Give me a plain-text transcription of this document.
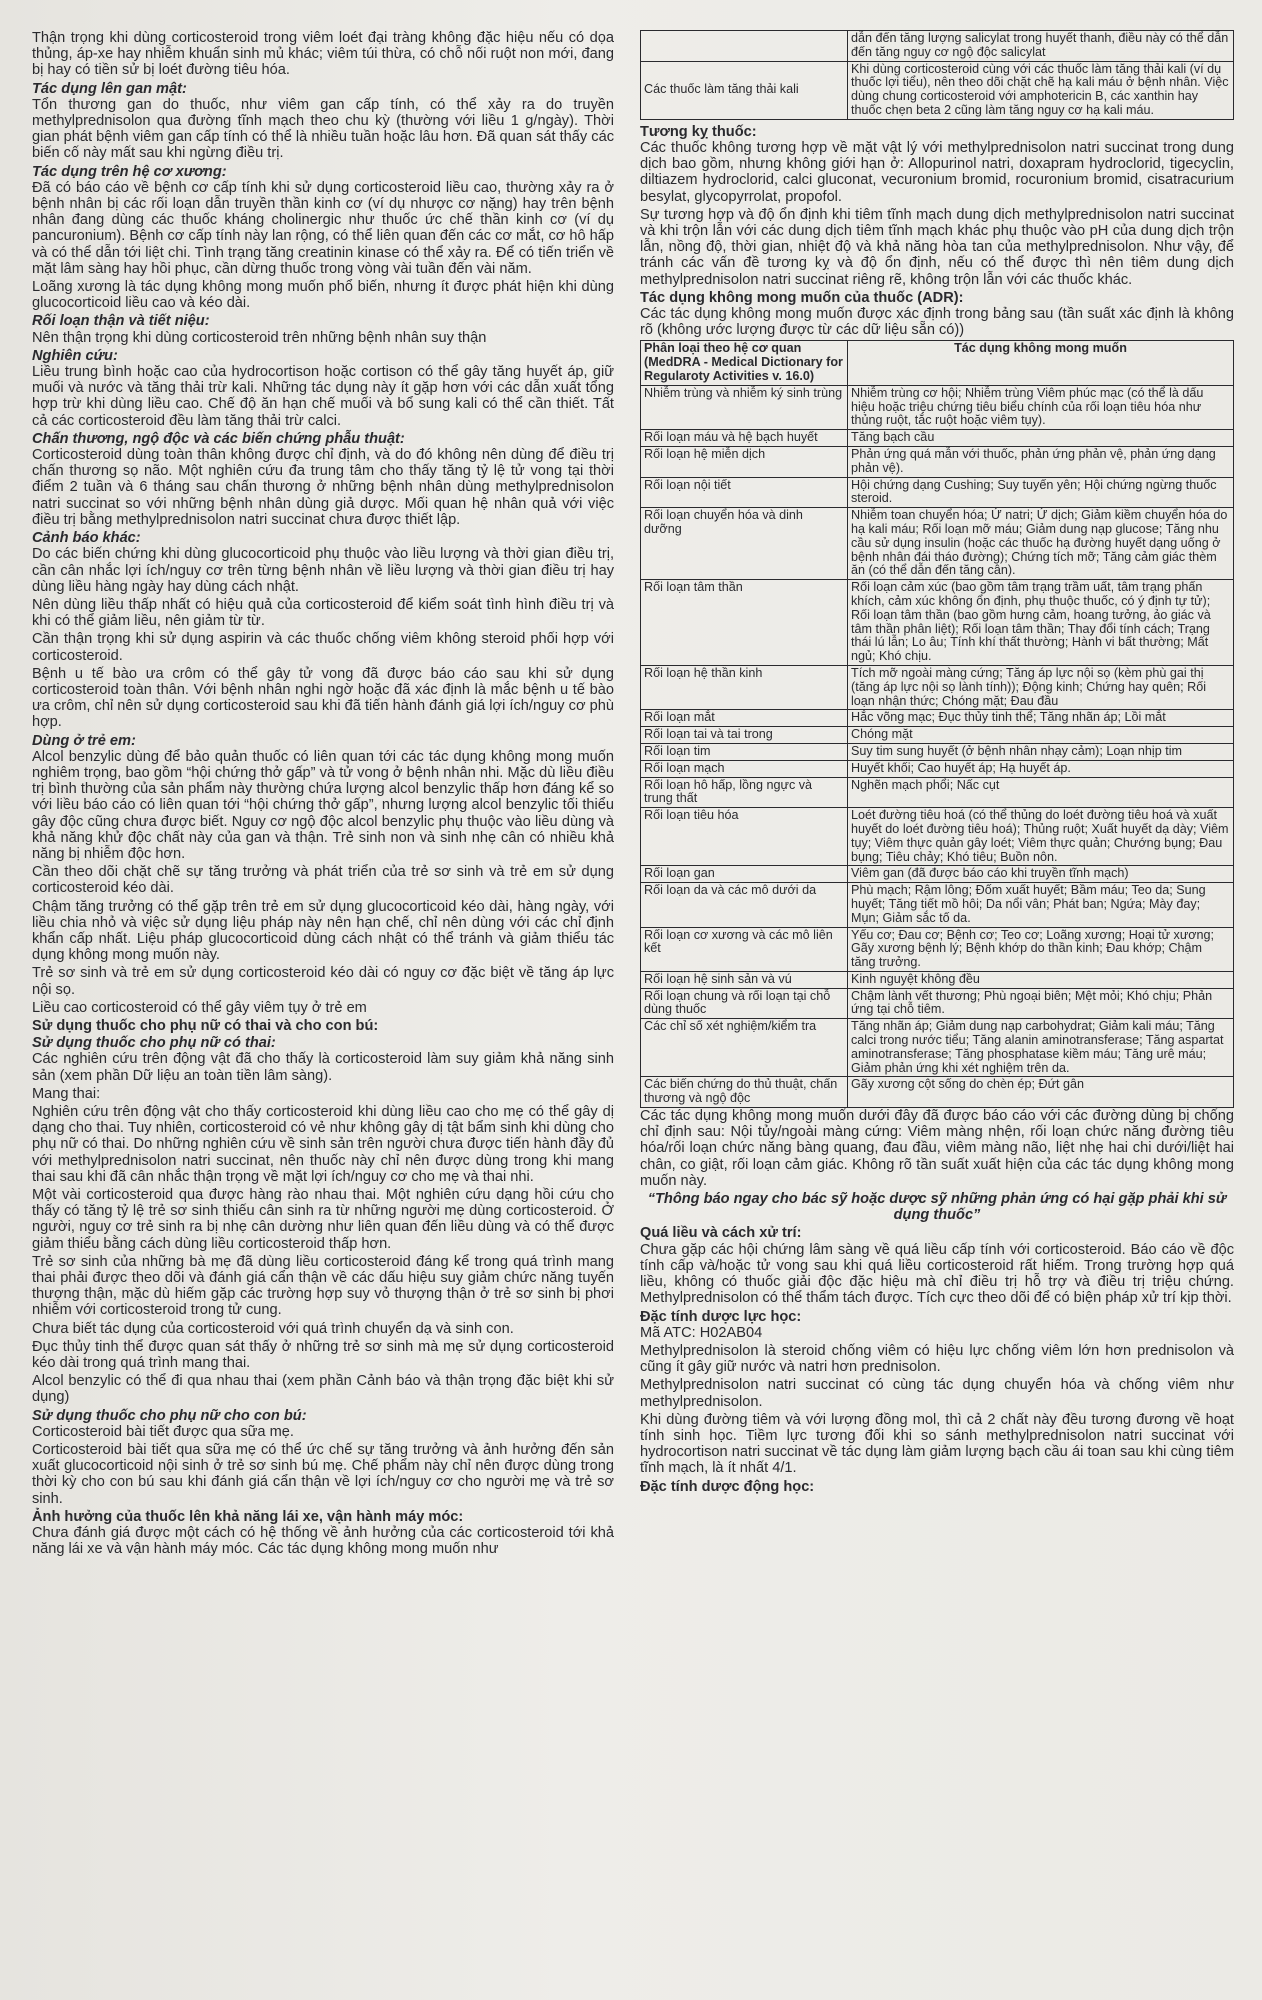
Thận trọng khi dùng corticosteroid trong viêm loét đại tràng không đặc hiệu nếu có dọa thủng, áp-xe hay nhiễm khuẩn sinh mủ khác; viêm túi thừa, có chỗ nối ruột non mới, đang bị hay có tiền sử bị loét đường tiêu hóa.

Tác dụng lên gan mật:

Tổn thương gan do thuốc, như viêm gan cấp tính, có thể xảy ra do truyền methylprednisolon qua đường tĩnh mạch theo chu kỳ (thường với liều 1 g/ngày). Thời gian phát bệnh viêm gan cấp tính có thể là nhiều tuần hoặc lâu hơn. Đã quan sát thấy các biến cố này mất sau khi ngừng điều trị.

Tác dụng trên hệ cơ xương:

Đã có báo cáo về bệnh cơ cấp tính khi sử dụng corticosteroid liều cao, thường xảy ra ở bệnh nhân bị các rối loạn dẫn truyền thần kinh cơ (ví dụ nhược cơ nặng) hay trên bệnh nhân đang dùng các thuốc kháng cholinergic như thuốc ức chế thần kinh cơ (ví dụ pancuronium). Bệnh cơ cấp tính này lan rộng, có thể liên quan đến các cơ mắt, cơ hô hấp và có thể dẫn tới liệt chi. Tình trạng tăng creatinin kinase có thể xảy ra. Để có tiến triển về mặt lâm sàng hay hồi phục, cần dừng thuốc trong vòng vài tuần đến vài năm.

Loãng xương là tác dụng không mong muốn phổ biến, nhưng ít được phát hiện khi dùng glucocorticoid liều cao và kéo dài.

Rối loạn thận và tiết niệu:

Nên thận trọng khi dùng corticosteroid trên những bệnh nhân suy thận

Nghiên cứu:

Liều trung bình hoặc cao của hydrocortison hoặc cortison có thể gây tăng huyết áp, giữ muối và nước và tăng thải trừ kali. Những tác dụng này ít gặp hơn với các dẫn xuất tổng hợp trừ khi dùng liều cao. Chế độ ăn hạn chế muối và bổ sung kali có thể cần thiết. Tất cả các corticosteroid đều làm tăng thải trừ calci.

Chấn thương, ngộ độc và các biến chứng phẫu thuật:

Corticosteroid dùng toàn thân không được chỉ định, và do đó không nên dùng để điều trị chấn thương sọ não. Một nghiên cứu đa trung tâm cho thấy tăng tỷ lệ tử vong tại thời điểm 2 tuần và 6 tháng sau chấn thương ở những bệnh nhân dùng methylprednisolon natri succinat so với những bệnh nhân dùng giả dược. Mối quan hệ nhân quả với việc điều trị bằng methylprednisolon natri succinat chưa được thiết lập.

Cảnh báo khác:

Do các biến chứng khi dùng glucocorticoid phụ thuộc vào liều lượng và thời gian điều trị, cần cân nhắc lợi ích/nguy cơ trên từng bệnh nhân về liều lượng và thời gian điều trị hay dùng liều hàng ngày hay dùng cách nhật.

Nên dùng liều thấp nhất có hiệu quả của corticosteroid để kiểm soát tình hình điều trị và khi có thể giảm liều, nên giảm từ từ.

Cần thận trọng khi sử dụng aspirin và các thuốc chống viêm không steroid phối hợp với corticosteroid.

Bệnh u tế bào ưa crôm có thể gây tử vong đã được báo cáo sau khi sử dụng corticosteroid toàn thân. Với bệnh nhân nghi ngờ hoặc đã xác định là mắc bệnh u tế bào ưa crôm, chỉ nên sử dụng corticosteroid sau khi đã tiến hành đánh giá lợi ích/nguy cơ phù hợp.

Dùng ở trẻ em:

Alcol benzylic dùng để bảo quản thuốc có liên quan tới các tác dụng không mong muốn nghiêm trọng, bao gồm “hội chứng thở gấp” và tử vong ở bệnh nhân nhi. Mặc dù liều điều trị bình thường của sản phẩm này thường chứa lượng alcol benzylic thấp hơn đáng kể so với liều báo cáo có liên quan tới “hội chứng thở gấp”, nhưng lượng alcol benzylic tối thiểu gây độc cũng chưa được biết. Nguy cơ ngộ độc alcol benzylic phụ thuộc vào liều dùng và khả năng khử độc chất này của gan và thận. Trẻ sinh non và sinh nhẹ cân có nhiều khả năng bị nhiễm độc hơn.

Cần theo dõi chặt chẽ sự tăng trưởng và phát triển của trẻ sơ sinh và trẻ em sử dụng corticosteroid kéo dài.

Chậm tăng trưởng có thể gặp trên trẻ em sử dụng glucocorticoid kéo dài, hàng ngày, với liều chia nhỏ và việc sử dụng liệu pháp này nên hạn chế, chỉ nên dùng với các chỉ định khẩn cấp nhất. Liệu pháp glucocorticoid dùng cách nhật có thể tránh và giảm thiểu tác dụng không mong muốn này.

Trẻ sơ sinh và trẻ em sử dụng corticosteroid kéo dài có nguy cơ đặc biệt về tăng áp lực nội sọ.

Liều cao corticosteroid có thể gây viêm tụy ở trẻ em

Sử dụng thuốc cho phụ nữ có thai và cho con bú:
Sử dụng thuốc cho phụ nữ có thai:

Các nghiên cứu trên động vật đã cho thấy là corticosteroid làm suy giảm khả năng sinh sản (xem phần Dữ liệu an toàn tiền lâm sàng).

Mang thai:

Nghiên cứu trên động vật cho thấy corticosteroid khi dùng liều cao cho mẹ có thể gây dị dạng cho thai. Tuy nhiên, corticosteroid có vẻ như không gây dị tật bẩm sinh khi dùng cho phụ nữ có thai. Do những nghiên cứu về sinh sản trên người chưa được tiến hành đầy đủ với methylprednisolon natri succinat, nên thuốc này chỉ nên được dùng trong khi mang thai sau khi đã cân nhắc thận trọng về mặt lợi ích/nguy cơ cho mẹ và thai nhi.

Một vài corticosteroid qua được hàng rào nhau thai. Một nghiên cứu dạng hồi cứu cho thấy có tăng tỷ lệ trẻ sơ sinh thiếu cân sinh ra từ những người mẹ dùng corticosteroid. Ở người, nguy cơ trẻ sinh ra bị nhẹ cân dường như liên quan đến liều dùng và có thể được giảm thiểu bằng cách dùng liều corticosteroid thấp hơn.

Trẻ sơ sinh của những bà mẹ đã dùng liều corticosteroid đáng kể trong quá trình mang thai phải được theo dõi và đánh giá cẩn thận về các dấu hiệu suy giảm chức năng tuyến thượng thận, mặc dù hiếm gặp các trường hợp suy vỏ thượng thận ở trẻ sơ sinh bị phơi nhiễm với corticosteroid trong tử cung.

Chưa biết tác dụng của corticosteroid với quá trình chuyển dạ và sinh con.

Đục thủy tinh thể được quan sát thấy ở những trẻ sơ sinh mà mẹ sử dụng corticosteroid kéo dài trong quá trình mang thai.

Alcol benzylic có thể đi qua nhau thai (xem phần Cảnh báo và thận trọng đặc biệt khi sử dụng)

Sử dụng thuốc cho phụ nữ cho con bú:

Corticosteroid bài tiết được qua sữa mẹ.

Corticosteroid bài tiết qua sữa mẹ có thể ức chế sự tăng trưởng và ảnh hưởng đến sản xuất glucocorticoid nội sinh ở trẻ sơ sinh bú mẹ. Chế phẩm này chỉ nên được dùng trong thời kỳ cho con bú sau khi đánh giá cẩn thận về lợi ích/nguy cơ cho người mẹ và trẻ sơ sinh.

Ảnh hưởng của thuốc lên khả năng lái xe, vận hành máy móc:

Chưa đánh giá được một cách có hệ thống về ảnh hưởng của các corticosteroid tới khả năng lái xe và vận hành máy móc. Các tác dụng không mong muốn như

	dẫn đến tăng lượng salicylat trong huyết thanh, điều này có thể dẫn đến tăng nguy cơ ngộ độc salicylat
Các thuốc làm tăng thải kali	Khi dùng corticosteroid cùng với các thuốc làm tăng thải kali (ví dụ thuốc lợi tiểu), nên theo dõi chặt chẽ hạ kali máu ở bệnh nhân. Việc dùng chung corticosteroid với amphotericin B, các xanthin hay thuốc chẹn beta 2 cũng làm tăng nguy cơ hạ kali máu.
Tương kỵ thuốc:

Các thuốc không tương hợp về mặt vật lý với methylprednisolon natri succinat trong dung dịch bao gồm, nhưng không giới hạn ở: Allopurinol natri, doxapram hydroclorid, tigecyclin, diltiazem hydroclorid, calci gluconat, vecuronium bromid, rocuronium bromid, cisatracurium besylat, glycopyrrolat, propofol.

Sự tương hợp và độ ổn định khi tiêm tĩnh mạch dung dịch methylprednisolon natri succinat và khi trộn lẫn với các dung dịch tiêm tĩnh mạch khác phụ thuộc vào pH của dung dịch trộn lẫn, nồng độ, thời gian, nhiệt độ và khả năng hòa tan của methylprednisolon. Như vậy, để tránh các vấn đề tương kỵ và độ ổn định, nếu có thể được thì nên tiêm dung dịch methylprednisolon natri succinat riêng rẽ, không trộn lẫn với các thuốc khác.

Tác dụng không mong muốn của thuốc (ADR):

Các tác dụng không mong muốn được xác định trong bảng sau (tần suất xác định là không rõ (không ước lượng được từ các dữ liệu sẵn có))

Phân loại theo hệ cơ quan (MedDRA - Medical Dictionary for Regularoty Activities v. 16.0)	Tác dụng không mong muốn
Nhiễm trùng và nhiễm ký sinh trùng	Nhiễm trùng cơ hội; Nhiễm trùng Viêm phúc mạc (có thể là dấu hiệu hoặc triệu chứng tiêu biểu chính của rối loạn tiêu hóa như thủng ruột, tắc ruột hoặc viêm tụy).
Rối loạn máu và hệ bạch huyết	Tăng bạch cầu
Rối loạn hệ miễn dịch	Phản ứng quá mẫn với thuốc, phản ứng phản vệ, phản ứng dạng phản vệ).
Rối loạn nội tiết	Hội chứng dạng Cushing; Suy tuyến yên; Hội chứng ngừng thuốc steroid.
Rối loạn chuyển hóa và dinh dưỡng	Nhiễm toan chuyển hóa; Ứ natri; Ứ dịch; Giảm kiềm chuyển hóa do hạ kali máu; Rối loạn mỡ máu; Giảm dung nạp glucose; Tăng nhu cầu sử dụng insulin (hoặc các thuốc hạ đường huyết dạng uống ở bệnh nhân đái tháo đường); Chứng tích mỡ; Tăng cảm giác thèm ăn (có thể dẫn đến tăng cân).
Rối loạn tâm thần	Rối loạn cảm xúc (bao gồm tâm trạng trầm uất, tâm trạng phấn khích, cảm xúc không ổn định, phụ thuộc thuốc, có ý định tự tử); Rối loạn tâm thần (bao gồm hưng cảm, hoang tưởng, ảo giác và tâm thần phân liệt); Rối loạn tâm thần; Thay đổi tính cách; Trạng thái lú lẫn; Lo âu; Tính khí thất thường; Hành vi bất thường; Mất ngủ; Khó chịu.
Rối loạn hệ thần kinh	Tích mỡ ngoài màng cứng; Tăng áp lực nội sọ (kèm phù gai thị (tăng áp lực nội sọ lành tính)); Động kinh; Chứng hay quên; Rối loạn nhận thức; Chóng mặt; Đau đầu
Rối loạn mắt	Hắc võng mạc; Đục thủy tinh thể; Tăng nhãn áp; Lồi mắt
Rối loạn tai và tai trong	Chóng mặt
Rối loạn tim	Suy tim sung huyết (ở bệnh nhân nhạy cảm); Loạn nhịp tim
Rối loạn mạch	Huyết khối; Cao huyết áp; Hạ huyết áp.
Rối loạn hô hấp, lồng ngực và trung thất	Nghẽn mạch phổi; Nấc cụt
Rối loạn tiêu hóa	Loét đường tiêu hoá (có thể thủng do loét đường tiêu hoá và xuất huyết do loét đường tiêu hoá); Thủng ruột; Xuất huyết dạ dày; Viêm tụy; Viêm thực quản gây loét; Viêm thực quản; Chướng bụng; Đau bụng; Tiêu chảy; Khó tiêu; Buồn nôn.
Rối loạn gan	Viêm gan (đã được báo cáo khi truyền tĩnh mạch)
Rối loạn da và các mô dưới da	Phù mạch; Rậm lông; Đốm xuất huyết; Bầm máu; Teo da; Sung huyết; Tăng tiết mồ hôi; Da nổi vân; Phát ban; Ngứa; Mày đay; Mụn; Giảm sắc tố da.
Rối loạn cơ xương và các mô liên kết	Yếu cơ; Đau cơ; Bệnh cơ; Teo cơ; Loãng xương; Hoại tử xương; Gãy xương bệnh lý; Bệnh khớp do thần kinh; Đau khớp; Chậm tăng trưởng.
Rối loạn hệ sinh sản và vú	Kinh nguyệt không đều
Rối loạn chung và rối loạn tại chỗ dùng thuốc	Chậm lành vết thương; Phù ngoại biên; Mệt mỏi; Khó chịu; Phản ứng tại chỗ tiêm.
Các chỉ số xét nghiệm/kiểm tra	Tăng nhãn áp; Giảm dung nạp carbohydrat; Giảm kali máu; Tăng calci trong nước tiểu; Tăng alanin aminotransferase; Tăng aspartat aminotransferase; Tăng phosphatase kiềm máu; Tăng urê máu; Giảm phản ứng khi xét nghiệm trên da.
Các biến chứng do thủ thuật, chấn thương và ngộ độc	Gãy xương cột sống do chèn ép; Đứt gân

Các tác dụng không mong muốn dưới đây đã được báo cáo với các đường dùng bị chống chỉ định sau: Nội tủy/ngoài màng cứng: Viêm màng nhện, rối loạn chức năng đường tiêu hóa/rối loạn chức năng bàng quang, đau đầu, viêm màng não, liệt nhẹ hai chi dưới/liệt hai chân, co giật, rối loạn cảm giác. Không rõ tần suất xuất hiện của các tác dụng không mong muốn này.

“Thông báo ngay cho bác sỹ hoặc dược sỹ những phản ứng có hại gặp phải khi sử dụng thuốc”

Quá liều và cách xử trí:

Chưa gặp các hội chứng lâm sàng về quá liều cấp tính với corticosteroid. Báo cáo về độc tính cấp và/hoặc tử vong sau khi quá liều corticosteroid rất hiếm. Trong trường hợp quá liều, không có thuốc giải độc đặc hiệu mà chỉ điều trị hỗ trợ và điều trị triệu chứng. Methylprednisolon có thể thẩm tách được. Tích cực theo dõi để có biện pháp xử trí kịp thời.

Đặc tính dược lực học:

Mã ATC: H02AB04

Methylprednisolon là steroid chống viêm có hiệu lực chống viêm lớn hơn prednisolon và cũng ít gây giữ nước và natri hơn prednisolon.

Methylprednisolon natri succinat có cùng tác dụng chuyển hóa và chống viêm như methylprednisolon.

Khi dùng đường tiêm và với lượng đồng mol, thì cả 2 chất này đều tương đương về hoạt tính sinh học. Tiềm lực tương đối khi so sánh methylprednisolon natri succinat với hydrocortison natri succinat về tác dụng làm giảm lượng bạch cầu ái toan sau khi cùng tiêm tĩnh mạch, là ít nhất 4/1.

Đặc tính dược động học:
